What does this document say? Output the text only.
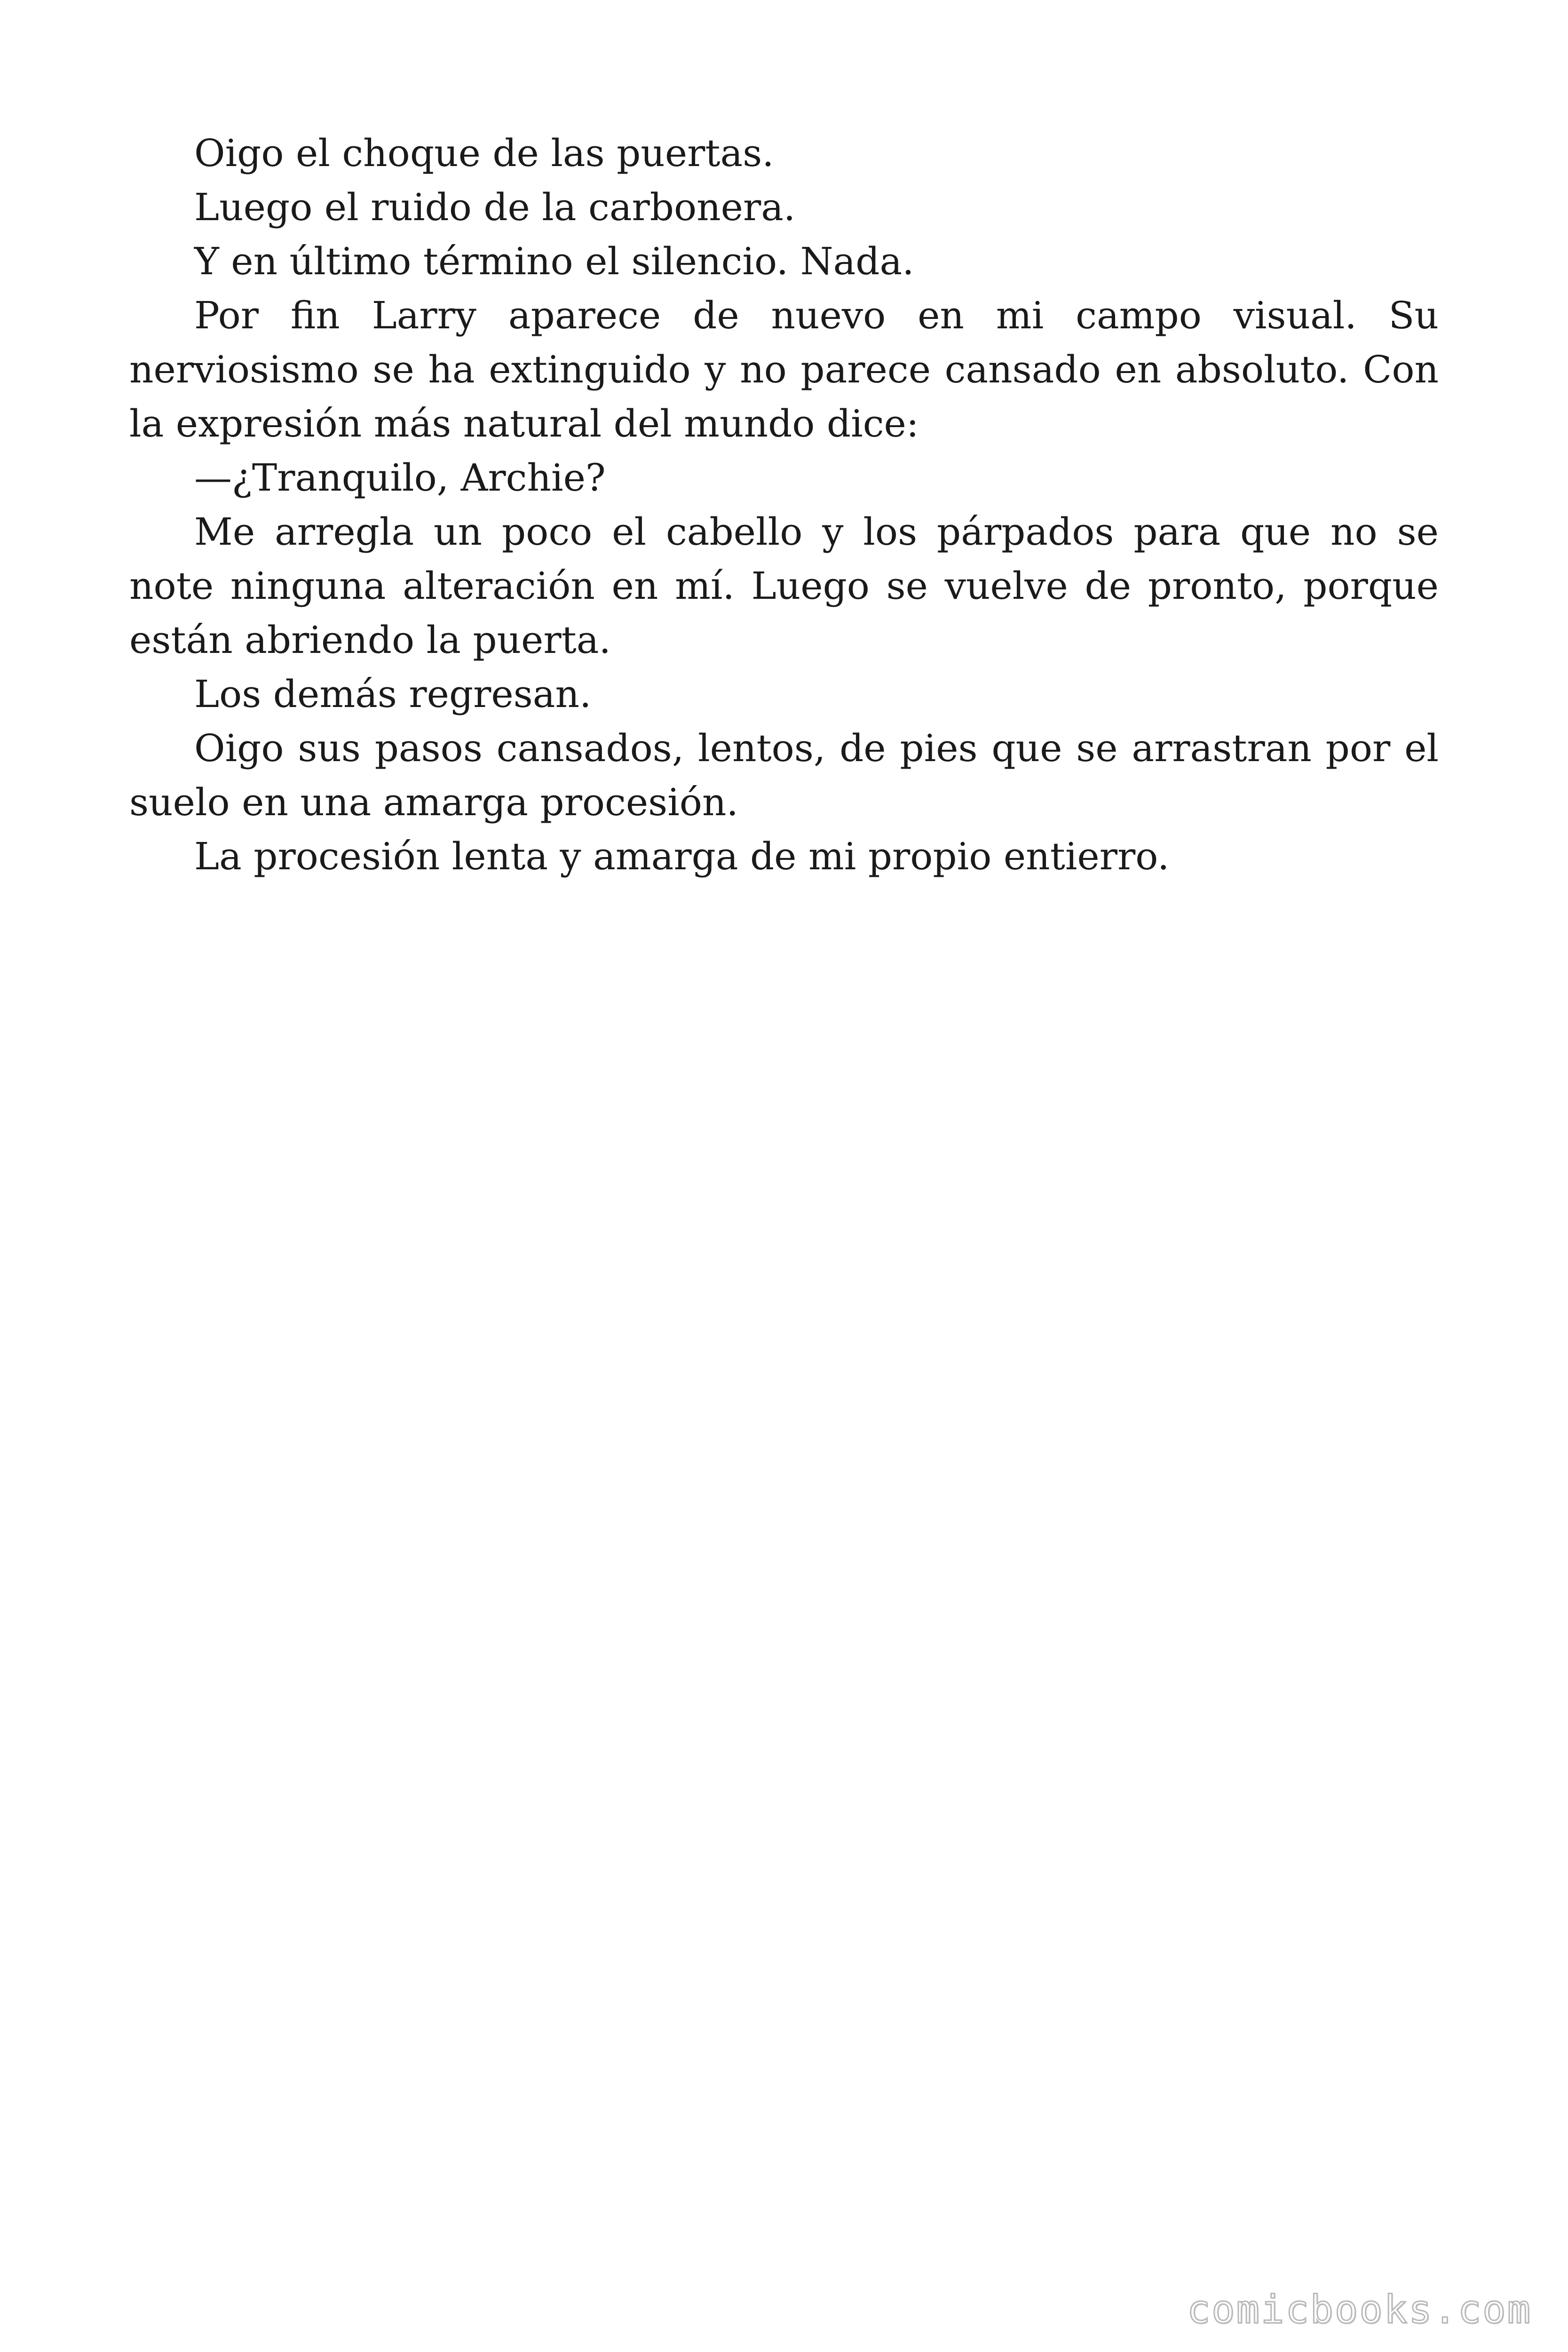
Oigo el choque de las puertas.

Luego el ruido de la carbonera.

Y en último término el silencio. Nada.

Por fin Larry aparece de nuevo en mi campo visual. Su nerviosismo se ha extinguido y no parece cansado en absoluto. Con la expresión más natural del mundo dice:

—¿Tranquilo, Archie?

Me arregla un poco el cabello y los párpados para que no se note ninguna alteración en mí. Luego se vuelve de pronto, porque están abriendo la puerta.

Los demás regresan.

Oigo sus pasos cansados, lentos, de pies que se arrastran por el suelo en una amarga procesión.

La procesión lenta y amarga de mi propio entierro.

comicbooks.com
